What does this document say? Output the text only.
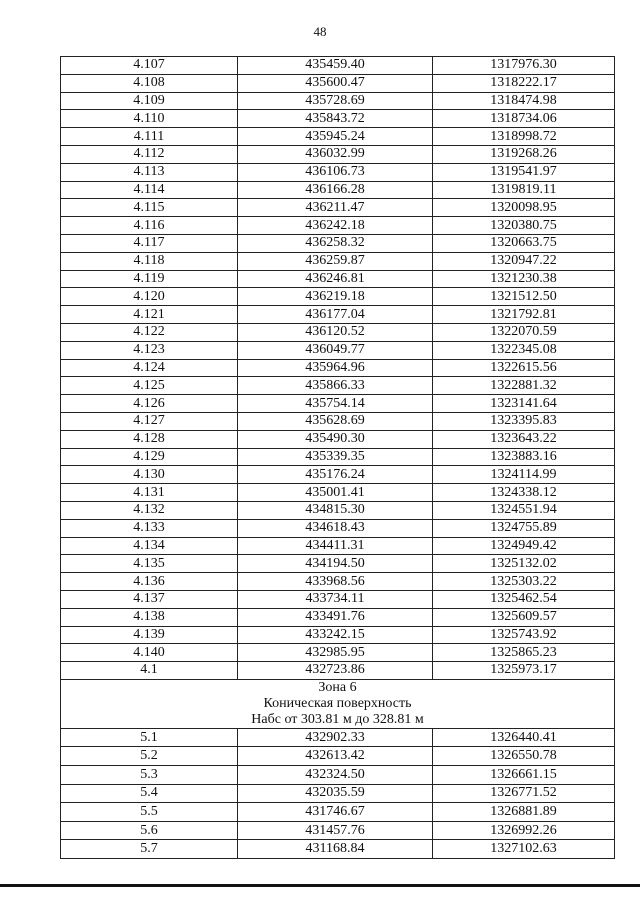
48
4.107	435459.40	1317976.30
4.108	435600.47	1318222.17
4.109	435728.69	1318474.98
4.110	435843.72	1318734.06
4.111	435945.24	1318998.72
4.112	436032.99	1319268.26
4.113	436106.73	1319541.97
4.114	436166.28	1319819.11
4.115	436211.47	1320098.95
4.116	436242.18	1320380.75
4.117	436258.32	1320663.75
4.118	436259.87	1320947.22
4.119	436246.81	1321230.38
4.120	436219.18	1321512.50
4.121	436177.04	1321792.81
4.122	436120.52	1322070.59
4.123	436049.77	1322345.08
4.124	435964.96	1322615.56
4.125	435866.33	1322881.32
4.126	435754.14	1323141.64
4.127	435628.69	1323395.83
4.128	435490.30	1323643.22
4.129	435339.35	1323883.16
4.130	435176.24	1324114.99
4.131	435001.41	1324338.12
4.132	434815.30	1324551.94
4.133	434618.43	1324755.89
4.134	434411.31	1324949.42
4.135	434194.50	1325132.02
4.136	433968.56	1325303.22
4.137	433734.11	1325462.54
4.138	433491.76	1325609.57
4.139	433242.15	1325743.92
4.140	432985.95	1325865.23
4.1	432723.86	1325973.17

Зона 6
Коническая поверхность
Набс от 303.81 м до 328.81 м		

5.1	432902.33	1326440.41
5.2	432613.42	1326550.78
5.3	432324.50	1326661.15
5.4	432035.59	1326771.52
5.5	431746.67	1326881.89
5.6	431457.76	1326992.26
5.7	431168.84	1327102.63
